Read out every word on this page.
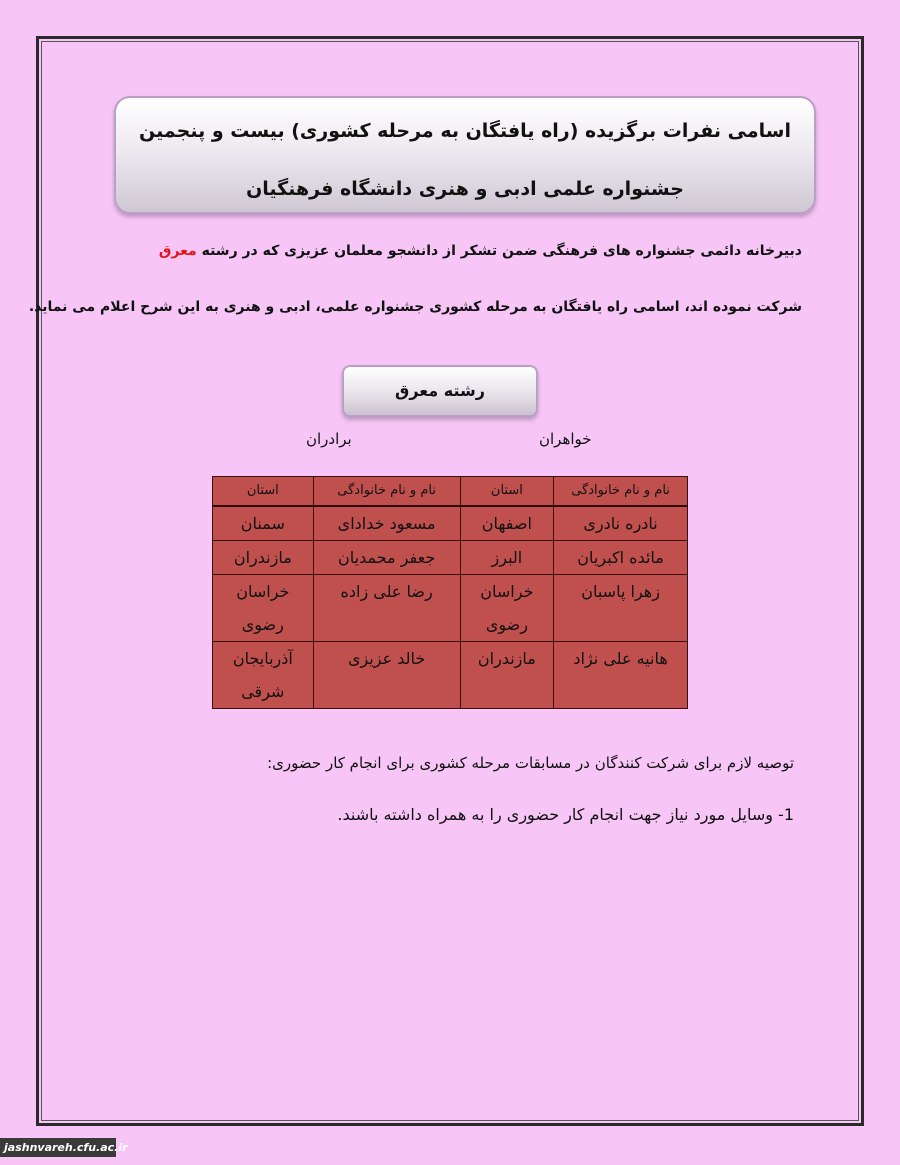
اسامی نفرات برگزیده (راه یافتگان به مرحله کشوری) بیست و پنجمین
جشنواره علمی ادبی و هنری دانشگاه فرهنگیان
دبیرخانه دائمی جشنواره های فرهنگی ضمن تشکر از دانشجو معلمان عزیزی که در رشته معرق
شرکت نموده اند، اسامی راه یافتگان به مرحله کشوری جشنواره علمی، ادبی و هنری به این شرح اعلام می نماید.
رشته معرق
خواهران
برادران
نام و نام خانوادگی	استان	نام و نام خانوادگی	استان
نادره نادری	اصفهان	مسعود خدادای	سمنان
مائده اکبریان	البرز	جعفر محمدیان	مازندران
زهرا پاسبان	خراسان رضوی	رضا علی زاده	خراسان رضوی
هانیه علی نژاد	مازندران	خالد عزیزی	آذربایجان شرقی
توصیه لازم برای شرکت کنندگان در مسابقات مرحله کشوری برای انجام کار حضوری:
1- وسایل مورد نیاز جهت انجام کار حضوری را به همراه داشته باشند.
jashnvareh.cfu.ac.ir
